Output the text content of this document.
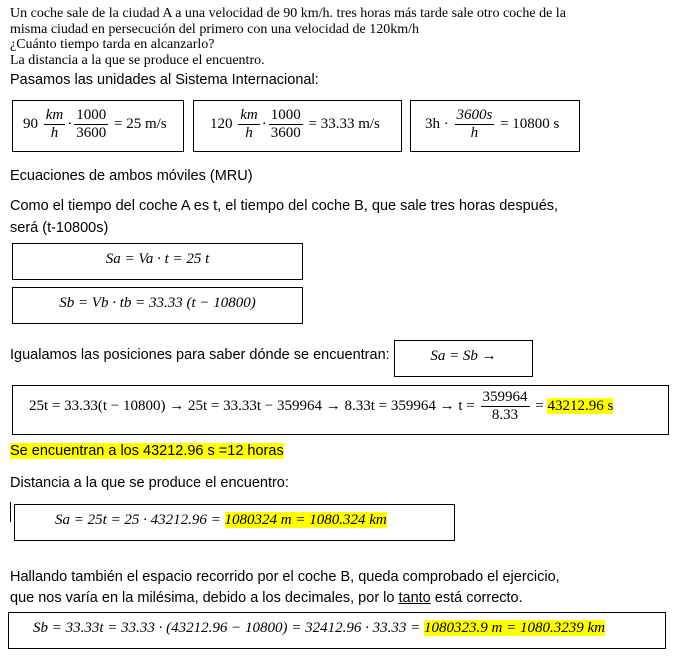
Un coche sale de la ciudad A a una velocidad de 90 km/h. tres horas más tarde sale otro coche de la
misma ciudad en persecución del primero con una velocidad de 120km/h
¿Cuánto tiempo tarda en alcanzarlo?
La distancia a la que se produce el encuentro.
Pasamos las unidades al Sistema Internacional:
$90 \frac{km}{h} \cdot \frac{1000}{3600} = 25$ m/s	$120 \frac{km}{h} \cdot \frac{1000}{3600} = 33.33$ m/s	$3h \cdot \frac{3600s}{h} = 10800$ s
Ecuaciones de ambos móviles (MRU)
Como el tiempo del coche A es t, el tiempo del coche B, que sale tres horas después,
será (t-10800s)
Sa = Va · t = 25 t
Sb = Vb · tb = 33.33 (t − 10800)
Igualamos las posiciones para saber dónde se encuentran:	Sa = Sb →
$25t = 33.33(t - 10800) \to 25t = 33.33t - 359964 \to 8.33t = 359964 \to t = \frac{359964}{8.33} = 43212.96$ s
Se encuentran a los 43212.96 s =12 horas
Distancia a la que se produce el encuentro:
Sa = 25t = 25 · 43212.96 = 1080324 m = 1080.324 km
Hallando también el espacio recorrido por el coche B, queda comprobado el ejercicio,
que nos varía en la milésima, debido a los decimales, por lo tanto está correcto.
Sb = 33.33t = 33.33 · (43212.96 − 10800) = 32412.96 · 33.33 = 1080323.9 m = 1080.3239 km
